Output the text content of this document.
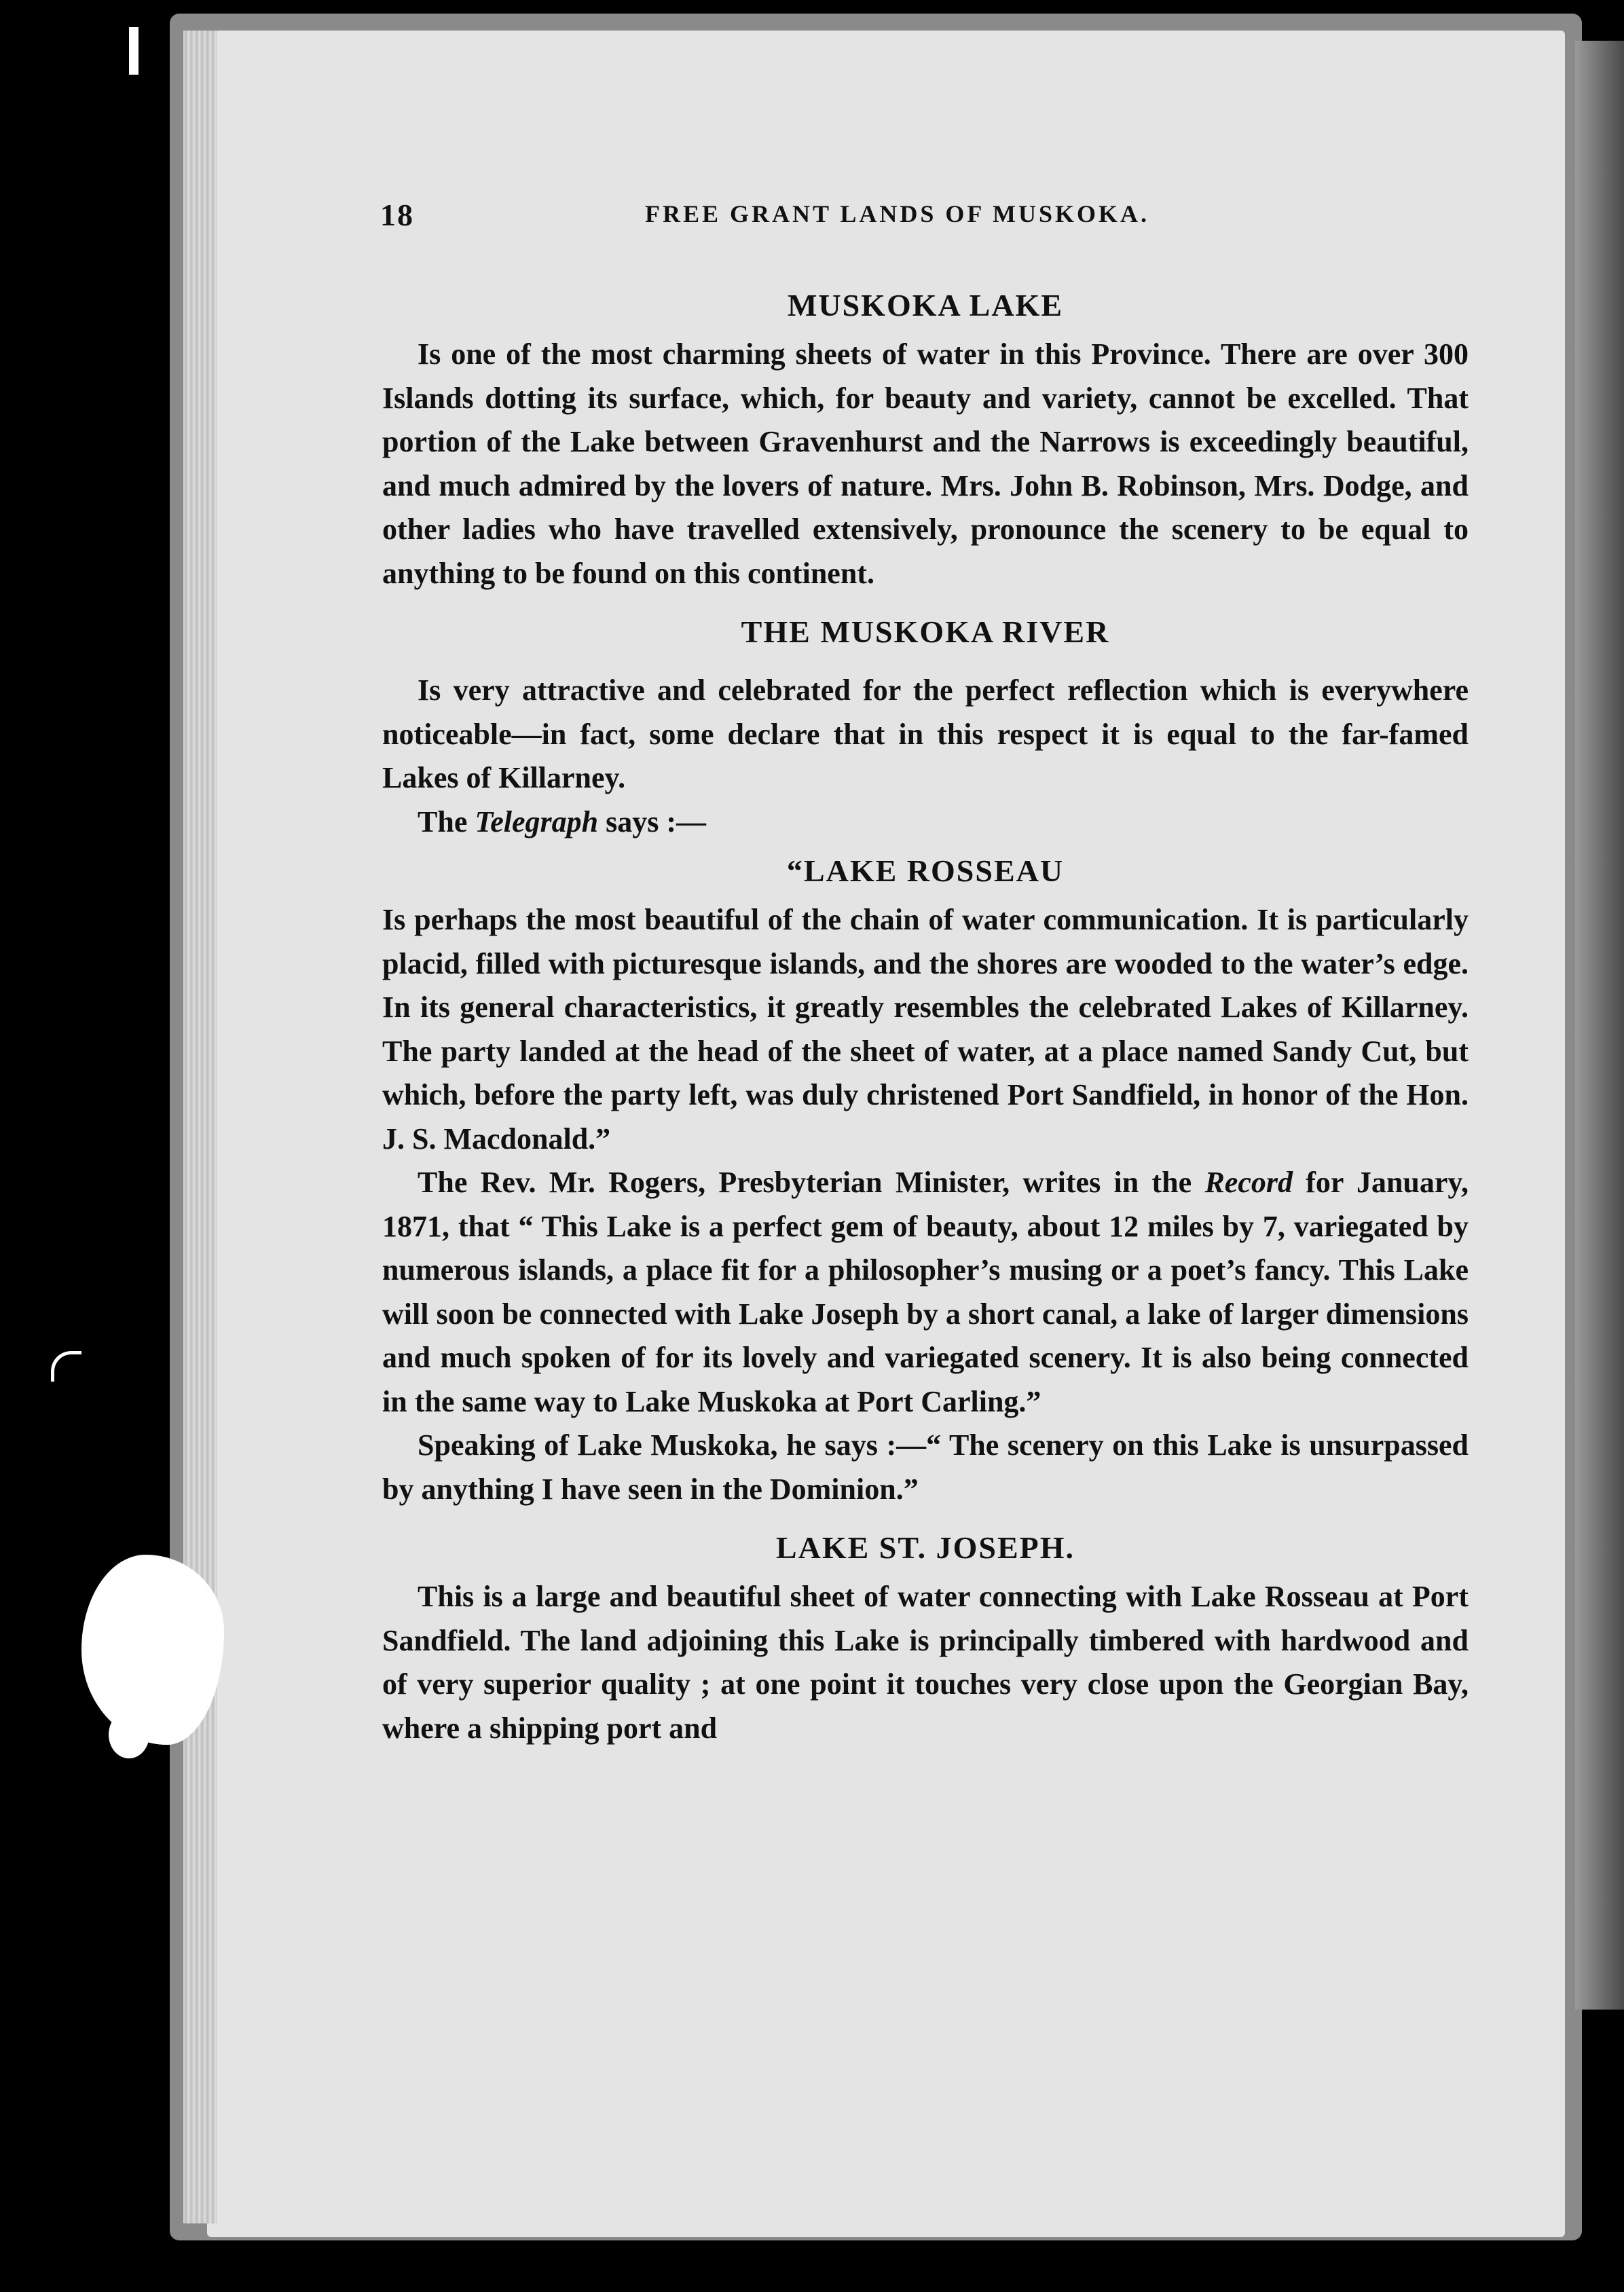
18	FREE GRANT LANDS OF MUSKOKA.
MUSKOKA LAKE

Is one of the most charming sheets of water in this Province. There are over 300 Islands dotting its surface, which, for beauty and variety, cannot be excelled. That portion of the Lake between Gravenhurst and the Narrows is exceedingly beautiful, and much admired by the lovers of nature. Mrs. John B. Robinson, Mrs. Dodge, and other ladies who have travelled extensively, pronounce the scenery to be equal to anything to be found on this continent.

THE MUSKOKA RIVER

Is very attractive and celebrated for the perfect reflection which is everywhere noticeable—in fact, some declare that in this respect it is equal to the far-famed Lakes of Killarney.

The Telegraph says :—

“LAKE ROSSEAU

Is perhaps the most beautiful of the chain of water communication. It is particularly placid, filled with picturesque islands, and the shores are wooded to the water’s edge. In its general characteristics, it greatly resembles the celebrated Lakes of Killarney. The party landed at the head of the sheet of water, at a place named Sandy Cut, but which, before the party left, was duly christened Port Sandfield, in honor of the Hon. J. S. Macdonald.”

The Rev. Mr. Rogers, Presbyterian Minister, writes in the Record for January, 1871, that “ This Lake is a perfect gem of beauty, about 12 miles by 7, variegated by numerous islands, a place fit for a philosopher’s musing or a poet’s fancy. This Lake will soon be connected with Lake Joseph by a short canal, a lake of larger dimensions and much spoken of for its lovely and variegated scenery. It is also being connected in the same way to Lake Muskoka at Port Carling.”

Speaking of Lake Muskoka, he says :—“ The scenery on this Lake is unsurpassed by anything I have seen in the Dominion.”

LAKE ST. JOSEPH.

This is a large and beautiful sheet of water connecting with Lake Rosseau at Port Sandfield. The land adjoining this Lake is principally timbered with hardwood and of very superior quality ; at one point it touches very close upon the Georgian Bay, where a shipping port and
